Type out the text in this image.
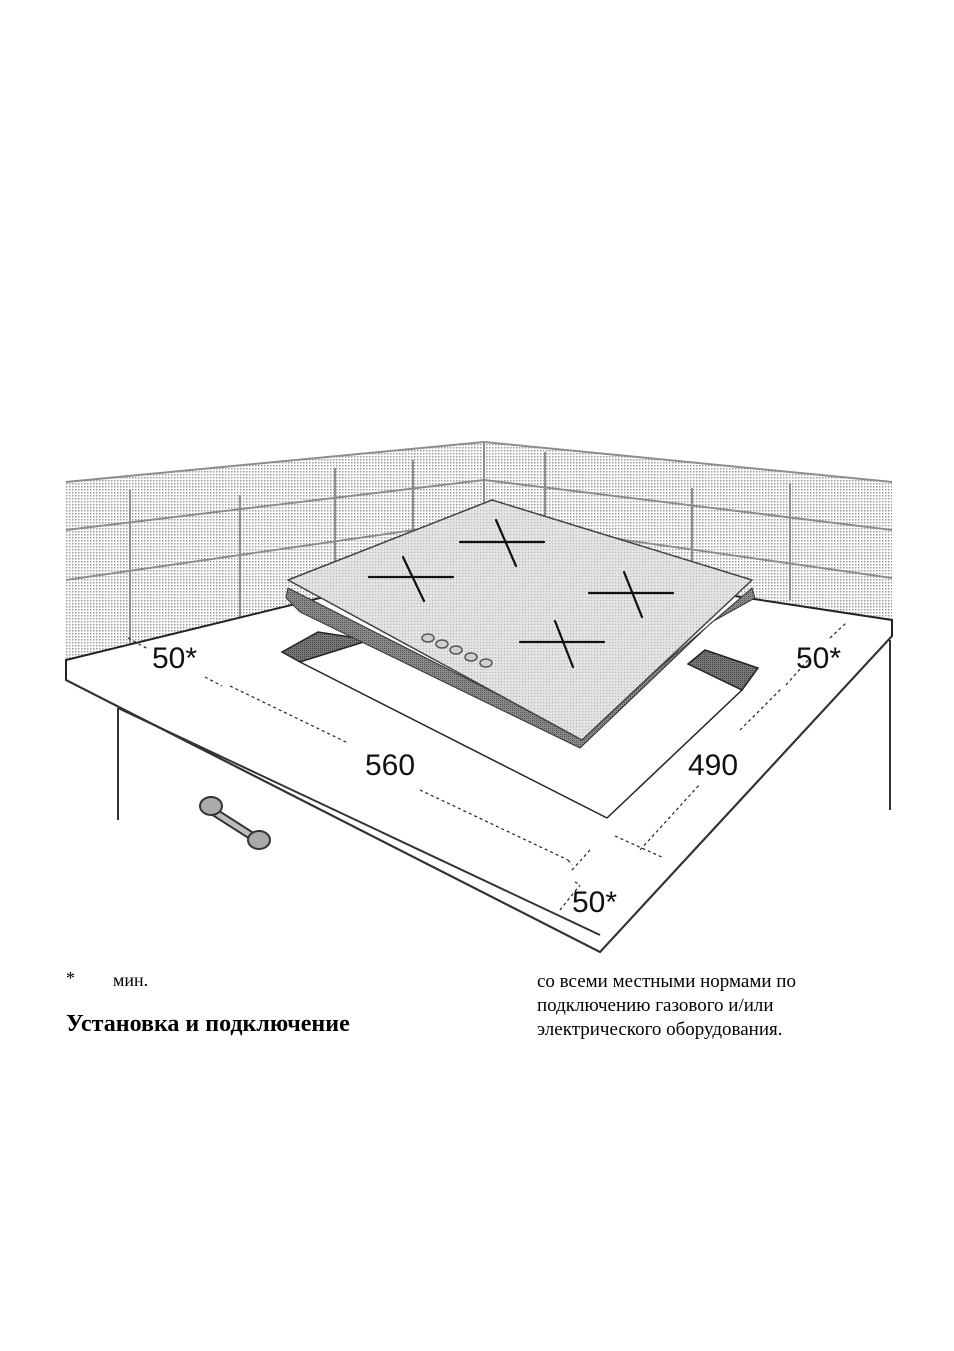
50*	50*
50*
560	490
* мин.
Установка и подключение
со всеми местными нормами по
подключению газового и/или
электрического оборудования.
